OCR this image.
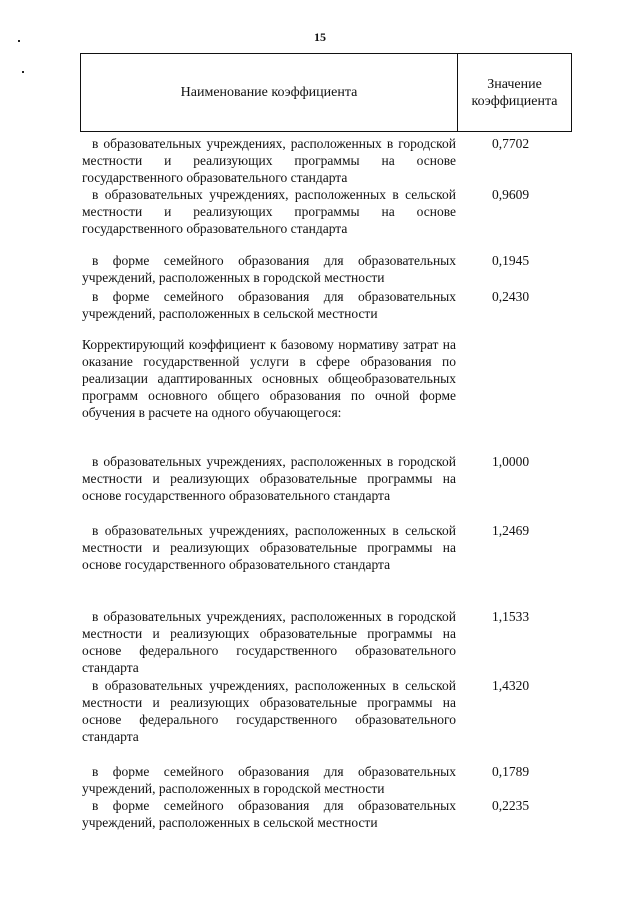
15
Наименование коэффициента
Значение
коэффициента
в образовательных учреждениях, расположенных в городской местности и реализующих программы на основе государственного образовательного стандарта
0,7702
в образовательных учреждениях, расположенных в сельской местности и реализующих программы на основе государственного образовательного стандарта
0,9609
в форме семейного образования для образовательных учреждений, расположенных в городской местности
0,1945
в форме семейного образования для образовательных учреждений, расположенных в сельской местности
0,2430
Корректирующий коэффициент к базовому нормативу затрат на оказание государственной услуги в сфере образования по реализации адаптированных основных общеобразовательных программ основного общего образования по очной форме обучения в расчете на одного обучающегося:
в образовательных учреждениях, расположенных в городской местности и реализующих образовательные программы на основе государственного образовательного стандарта
1,0000
в образовательных учреждениях, расположенных в сельской местности и реализующих образовательные программы на основе государственного образовательного стандарта
1,2469
в образовательных учреждениях, расположенных в городской местности и реализующих образовательные программы на основе федерального государственного образовательного стандарта
1,1533
в образовательных учреждениях, расположенных в сельской местности и реализующих образовательные программы на основе федерального государственного образовательного стандарта
1,4320
в форме семейного образования для образовательных учреждений, расположенных в городской местности
0,1789
в форме семейного образования для образовательных учреждений, расположенных в сельской местности
0,2235
